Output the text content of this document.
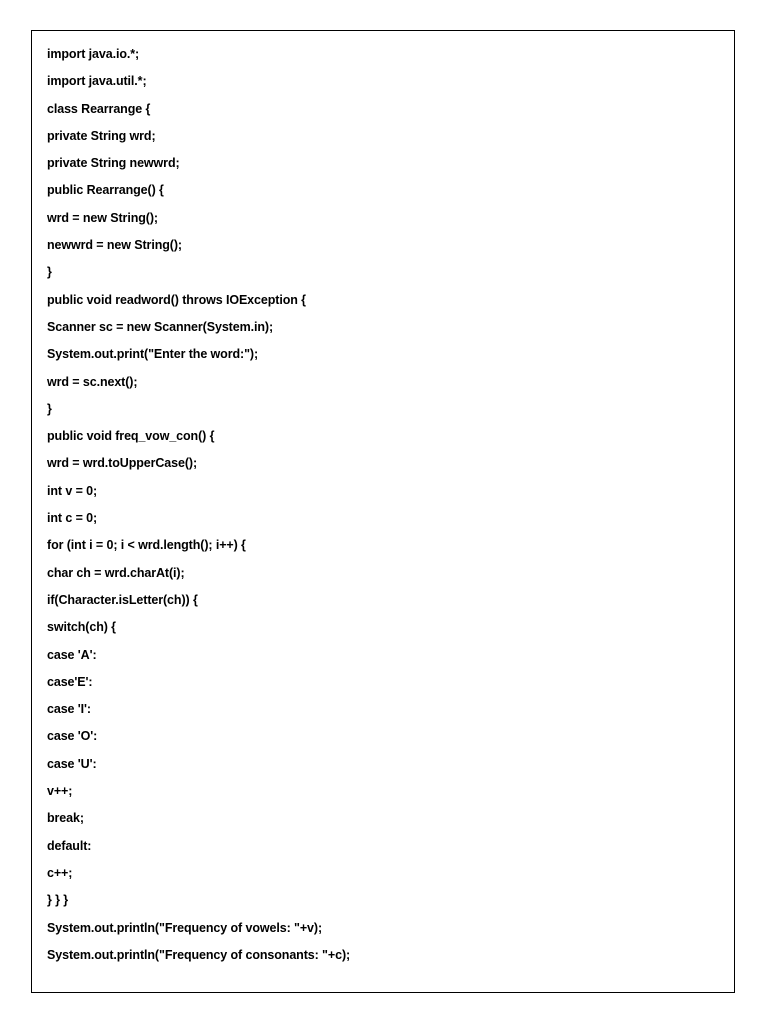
import java.io.*;
import java.util.*;
class Rearrange {
private String wrd;
private String newwrd;
public Rearrange() {
wrd = new String();
newwrd = new String();
}
public void readword() throws IOException {
Scanner sc = new Scanner(System.in);
System.out.print("Enter the word:");
wrd = sc.next();
}
public void freq_vow_con() {
wrd = wrd.toUpperCase();
int v = 0;
int c = 0;
for (int i = 0; i < wrd.length(); i++) {
char ch = wrd.charAt(i);
if(Character.isLetter(ch)) {
switch(ch) {
case 'A':
case'E':
case 'I':
case 'O':
case 'U':
v++;
break;
default:
c++;
} } }
System.out.println("Frequency of vowels: "+v);
System.out.println("Frequency of consonants: "+c);
